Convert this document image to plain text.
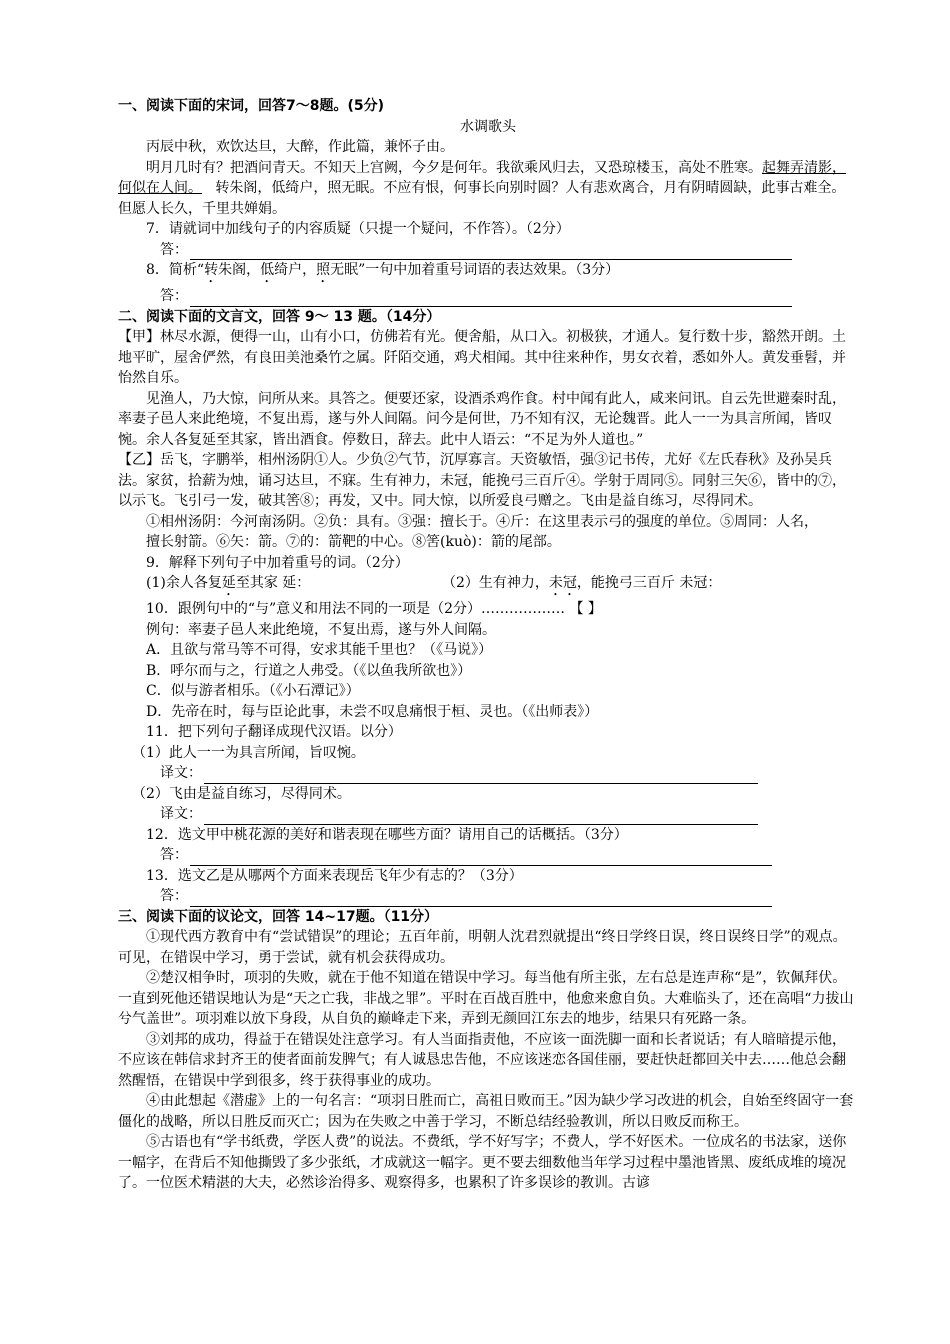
一、阅读下面的宋词，回答7～8题。(5分)
水调歌头
丙辰中秋，欢饮达旦，大醉，作此篇，兼怀子由。
明月几时有？把酒问青天。不知天上宫阙，今夕是何年。我欲乘风归去，又恐琼楼玉，高处不胜寒。起舞弄清影，何似在人间。 转朱阁，低绮户，照无眠。不应有恨，何事长向别时圆？人有悲欢离合，月有阴晴圆缺，此事古难全。但愿人长久，千里共婵娟。
7．请就词中加线句子的内容质疑（只提一个疑问，不作答）。（2分）
答：
8．简析“转朱阁，低绮户，照无眠”一句中加着重号词语的表达效果。（3分）
答：
二、阅读下面的文言文，回答 9～ 13 题。（14分）
【甲】林尽水源，便得一山，山有小口，仿佛若有光。便舍船，从口入。初极狭，才通人。复行数十步，豁然开朗。土地平旷，屋舍俨然，有良田美池桑竹之属。阡陌交通，鸡犬相闻。其中往来种作，男女衣着，悉如外人。黄发垂髫，并怡然自乐。
见渔人，乃大惊，问所从来。具答之。便要还家，设酒杀鸡作食。村中闻有此人，咸来问讯。自云先世避秦时乱，率妻子邑人来此绝境，不复出焉，遂与外人间隔。问今是何世，乃不知有汉，无论魏晋。此人一一为具言所闻，皆叹惋。余人各复延至其家，皆出酒食。停数日，辞去。此中人语云：“不足为外人道也。”
【乙】岳飞，字鹏举，相州汤阴①人。少负②气节，沉厚寡言。天资敏悟，强③记书传，尤好《左氏春秋》及孙吴兵法。家贫，拾薪为烛，诵习达旦，不寐。生有神力，未冠，能挽弓三百斤④。学射于周同⑤。同射三矢⑥，皆中的⑦，以示飞。飞引弓一发，破其筈⑧；再发，又中。同大惊，以所爱良弓赠之。飞由是益自练习，尽得同术。
①相州汤阴：今河南汤阴。②负：具有。③强：擅长于。④斤：在这里表示弓的强度的单位。⑤周同：人名，
擅长射箭。⑥矢：箭。⑦的：箭靶的中心。⑧筈(kuò)：箭的尾部。
9．解释下列句子中加着重号的词。（2分）
(1)余人各复延至其家 延：	（2）生有神力，未冠，能挽弓三百斤 未冠：
10．跟例句中的“与”意义和用法不同的一项是（2分）……………… 【 】
例句：率妻子邑人来此绝境，不复出焉，遂与外人间隔。
A．且欲与常马等不可得，安求其能千里也？（《马说》）
B．呼尔而与之，行道之人弗受。（《以鱼我所欲也》）
C．似与游者相乐。（《小石潭记》）
D．先帝在时，每与臣论此事，未尝不叹息痛恨于桓、灵也。（《出师表》）
11．把下列句子翻译成现代汉语。以分）
（1）此人一一为具言所闻，旨叹惋。
译文：
（2）飞由是益自练习，尽得同术。
译文：
12．选文甲中桃花源的美好和谐表现在哪些方面？请用自己的话概括。（3分）
答：
13．选文乙是从哪两个方面来表现岳飞年少有志的？（3分）
答：
三、阅读下面的议论文，回答 14~17题。（11分）
①现代西方教育中有“尝试错误”的理论；五百年前，明朝人沈君烈就提出“终日学终日误，终日误终日学”的观点。可见，在错误中学习，勇于尝试，就有机会获得成功。
②楚汉相争时，项羽的失败，就在于他不知道在错误中学习。每当他有所主张，左右总是连声称“是”，钦佩拜伏。一直到死他还错误地认为是“天之亡我，非战之罪”。平时在百战百胜中，他愈来愈自负。大难临头了，还在高唱“力拔山兮气盖世”。项羽难以放下身段，从自负的巅峰走下来，弄到无颜回江东去的地步，结果只有死路一条。
③刘邦的成功，得益于在错误处注意学习。有人当面指责他，不应该一面洗脚一面和长者说话；有人暗暗提示他，不应该在韩信求封齐王的使者面前发脾气；有人诚恳忠告他，不应该迷恋各国佳丽，要赶快赶都回关中去……他总会翻然醒悟，在错误中学到很多，终于获得事业的成功。
④由此想起《潜虚》上的一句名言：“项羽日胜而亡，高祖日败而王。”因为缺少学习改进的机会，自始至终固守一套僵化的战略，所以日胜反而灭亡；因为在失败之中善于学习，不断总结经验教训，所以日败反而称王。
⑤古语也有“学书纸费，学医人费”的说法。不费纸，学不好写字；不费人，学不好医术。一位成名的书法家，送你一幅字，在背后不知他撕毁了多少张纸，才成就这一幅字。更不要去细数他当年学习过程中墨池皆黑、废纸成堆的境况了。一位医术精湛的大夫，必然诊治得多、观察得多，也累积了许多误诊的教训。古谚
